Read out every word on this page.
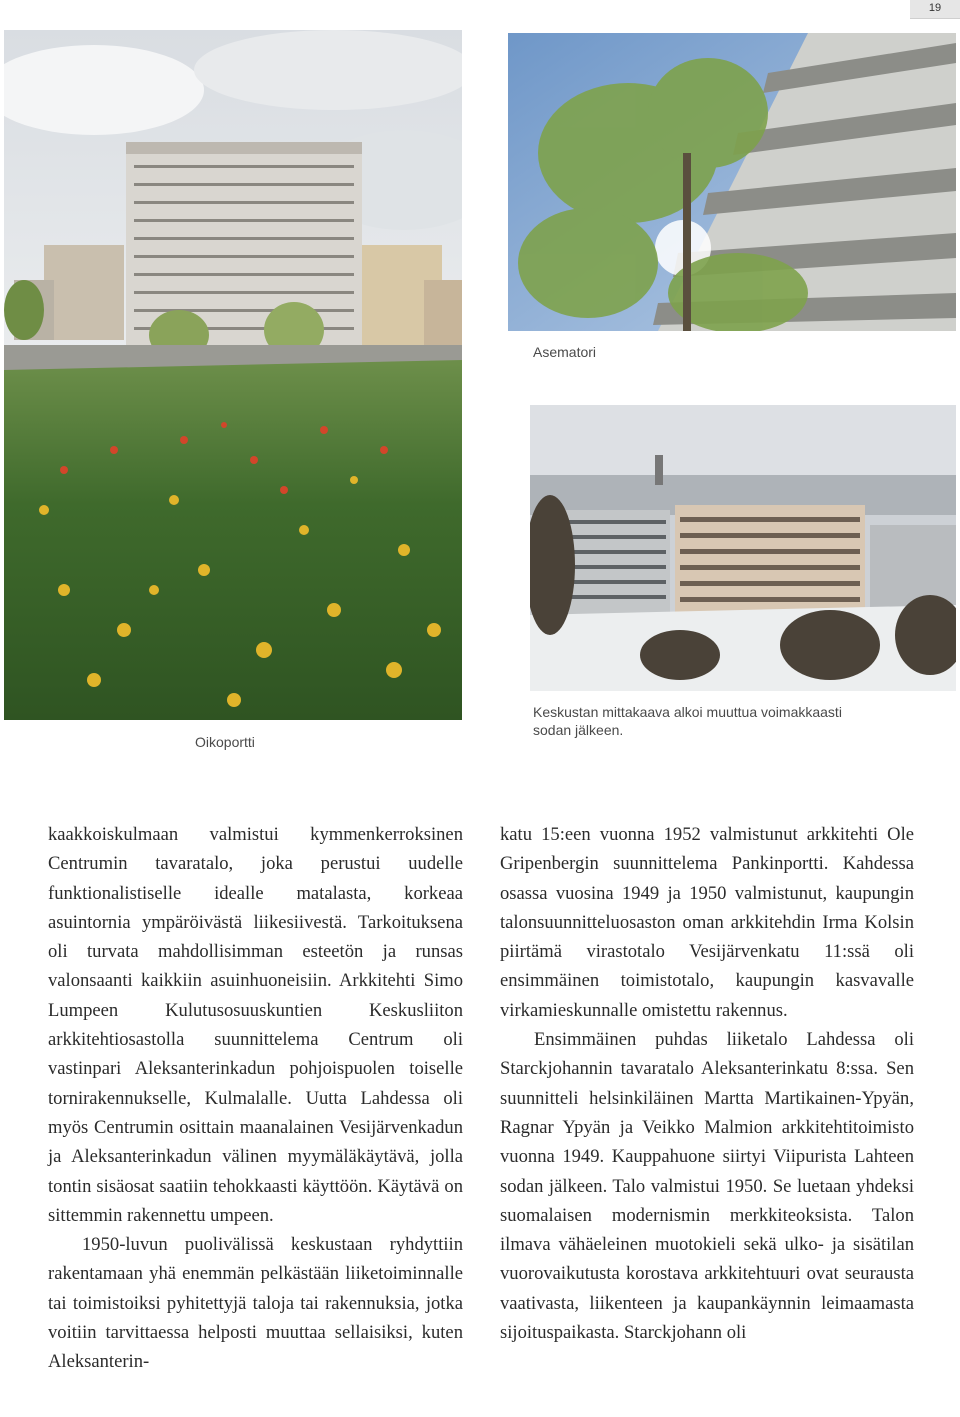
19
Oikoportti
Asematori
Keskustan mittakaava alkoi muuttua voimakkaasti sodan jälkeen.

kaakkoiskulmaan valmistui kymmenkerroksinen Centrumin tavaratalo, joka perustui uudelle funktionalistiselle idealle matalasta, korkeaa asuintornia ympäröivästä liikesiivestä. Tarkoituksena oli turvata mahdollisimman esteetön ja runsas valonsaanti kaikkiin asuinhuoneisiin. Arkkitehti Simo Lumpeen Kulutusosuuskuntien Keskusliiton arkkitehtiosastolla suunnittelema Centrum oli vastinpari Aleksanterinkadun pohjoispuolen toiselle tornirakennukselle, Kulmalalle. Uutta Lahdessa oli myös Centrumin osittain maanalainen Vesijärvenkadun ja Aleksanterinkadun välinen myymäläkäytävä, jolla tontin sisäosat saatiin tehokkaasti käyttöön. Käytävä on sittemmin rakennettu umpeen.

1950-luvun puolivälissä keskustaan ryhdyttiin rakentamaan yhä enemmän pelkästään liiketoiminnalle tai toimistoiksi pyhitettyjä taloja tai rakennuksia, jotka voitiin tarvittaessa helposti muuttaa sellaisiksi, kuten Aleksanterin-

katu 15:een vuonna 1952 valmistunut arkkitehti Ole Gripenbergin suunnittelema Pankinportti. Kahdessa osassa vuosina 1949 ja 1950 valmistunut, kaupungin talonsuunnitteluosaston oman arkkitehdin Irma Kolsin piirtämä virastotalo Vesijärvenkatu 11:ssä oli ensimmäinen toimistotalo, kaupungin kasvavalle virkamieskunnalle omistettu rakennus.

Ensimmäinen puhdas liiketalo Lahdessa oli Starckjohannin tavaratalo Aleksanterinkatu 8:ssa. Sen suunnitteli helsinkiläinen Martta Martikainen-Ypyän, Ragnar Ypyän ja Veikko Malmion arkkitehtitoimisto vuonna 1949. Kauppahuone siirtyi Viipurista Lahteen sodan jälkeen. Talo valmistui 1950. Se luetaan yhdeksi suomalaisen modernismin merkkiteoksista. Talon ilmava vähäeleinen muotokieli sekä ulko- ja sisätilan vuorovaikutusta korostava arkkitehtuuri ovat seurausta vaativasta, liikenteen ja kaupankäynnin leimaamasta sijoituspaikasta. Starckjohann oli
